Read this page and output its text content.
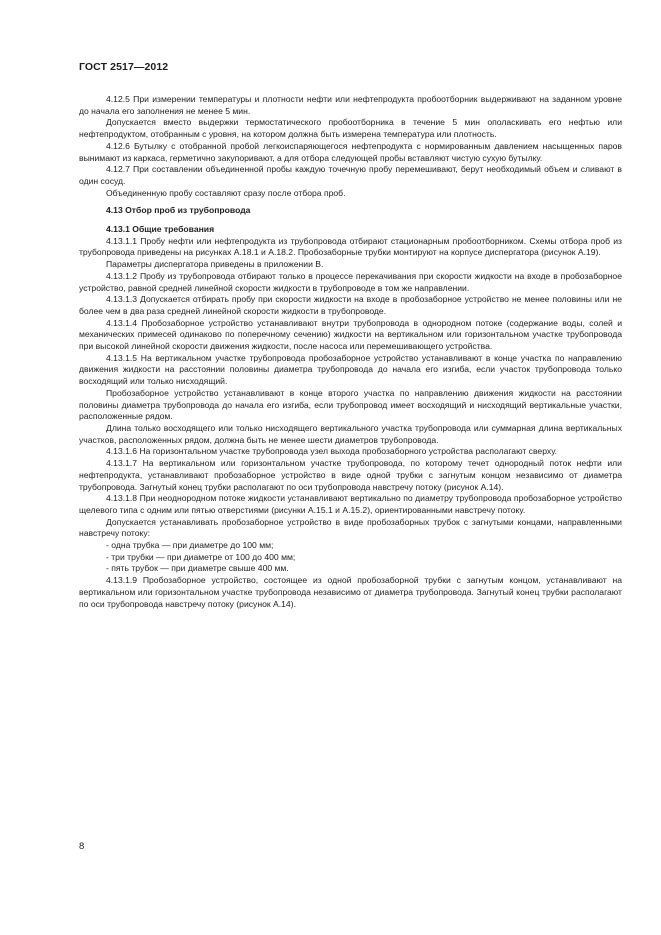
ГОСТ 2517—2012

4.12.5 При измерении температуры и плотности нефти или нефтепродукта пробоотборник выдерживают на заданном уровне до начала его заполнения не менее 5 мин.

Допускается вместо выдержки термостатического пробоотборника в течение 5 мин ополаскивать его нефтью или нефтепродуктом, отобранным с уровня, на котором должна быть измерена температура или плотность.

4.12.6 Бутылку с отобранной пробой легкоиспаряющегося нефтепродукта с нормированным давлением насыщенных паров вынимают из каркаса, герметично закупоривают, а для отбора следующей пробы вставляют чистую сухую бутылку.

4.12.7 При составлении объединенной пробы каждую точечную пробу перемешивают, берут необходимый объем и сливают в один сосуд.

Объединенную пробу составляют сразу после отбора проб.

4.13 Отбор проб из трубопровода

4.13.1 Общие требования

4.13.1.1 Пробу нефти или нефтепродукта из трубопровода отбирают стационарным пробоотборником. Схемы отбора проб из трубопровода приведены на рисунках А.18.1 и А.18.2. Пробозаборные трубки монтируют на корпусе диспергатора (рисунок А.19).

Параметры диспергатора приведены в приложении В.

4.13.1.2 Пробу из трубопровода отбирают только в процессе перекачивания при скорости жидкости на входе в пробозаборное устройство, равной средней линейной скорости жидкости в трубопроводе в том же направлении.

4.13.1.3 Допускается отбирать пробу при скорости жидкости на входе в пробозаборное устройство не менее половины или не более чем в два раза средней линейной скорости жидкости в трубопроводе.

4.13.1.4 Пробозаборное устройство устанавливают внутри трубопровода в однородном потоке (содержание воды, солей и механических примесей одинаково по поперечному сечению) жидкости на вертикальном или горизонтальном участке трубопровода при высокой линейной скорости движения жидкости, после насоса или перемешивающего устройства.

4.13.1.5 На вертикальном участке трубопровода пробозаборное устройство устанавливают в конце участка по направлению движения жидкости на расстоянии половины диаметра трубопровода до начала его изгиба, если участок трубопровода только восходящий или только нисходящий.

Пробозаборное устройство устанавливают в конце второго участка по направлению движения жидкости на расстоянии половины диаметра трубопровода до начала его изгиба, если трубопровод имеет восходящий и нисходящий вертикальные участки, расположенные рядом.

Длина только восходящего или только нисходящего вертикального участка трубопровода или суммарная длина вертикальных участков, расположенных рядом, должна быть не менее шести диаметров трубопровода.

4.13.1.6 На горизонтальном участке трубопровода узел выхода пробозаборного устройства располагают сверху.

4.13.1.7 На вертикальном или горизонтальном участке трубопровода, по которому течет однородный поток нефти или нефтепродукта, устанавливают пробозаборное устройство в виде одной трубки с загнутым концом независимо от диаметра трубопровода. Загнутый конец трубки располагают по оси трубопровода навстречу потоку (рисунок А.14).

4.13.1.8 При неоднородном потоке жидкости устанавливают вертикально по диаметру трубопровода пробозаборное устройство щелевого типа с одним или пятью отверстиями (рисунки А.15.1 и А.15.2), ориентированными навстречу потоку.

Допускается устанавливать пробозаборное устройство в виде пробозаборных трубок с загнутыми концами, направленными навстречу потоку:

- одна трубка — при диаметре до 100 мм;

- три трубки — при диаметре от 100 до 400 мм;

- пять трубок — при диаметре свыше 400 мм.

4.13.1.9 Пробозаборное устройство, состоящее из одной пробозаборной трубки с загнутым концом, устанавливают на вертикальном или горизонтальном участке трубопровода независимо от диаметра трубопровода. Загнутый конец трубки располагают по оси трубопровода навстречу потоку (рисунок А.14).

8
